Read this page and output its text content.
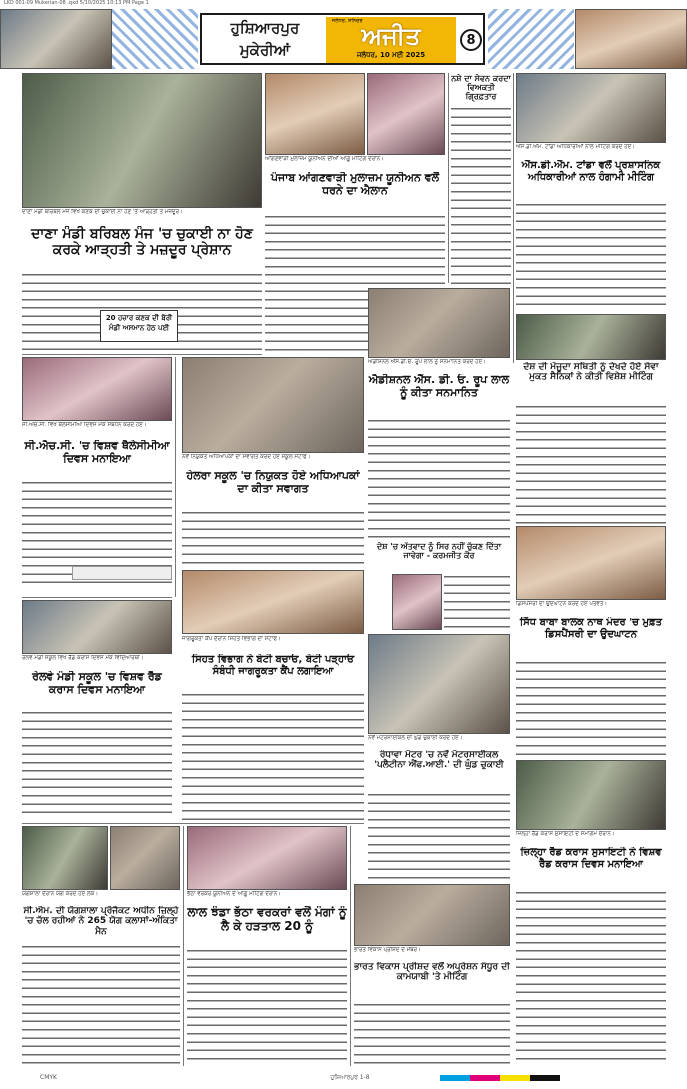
LKO 001-09 Mukerian-08 .qxd 5/10/2025 10:13 PM Page 1
ਹੁਸ਼ਿਆਰਪੁਰ ਮੁਕੇਰੀਆਂ
ਜਲੰਧਰ, ਸ਼ਨਿਚਰ
ਅਜੀਤ
ਜਲੰਧਰ, 10 ਮਈ 2025
8
ਦਾਣਾ ਮੰਡੀ ਬਰਿਬਲ ਮੰਜ ਵਿਖੇ ਕਣਕ ਦੀ ਚੁਕਾਈ ਨਾ ਹੋਣ 'ਤੇ ਆੜ੍ਹਤੀ ਤੇ ਮਜ਼ਦੂਰ।
ਦਾਣਾ ਮੰਡੀ ਬਰਿਬਲ ਮੰਜ 'ਚ ਚੁਕਾਈ ਨਾ ਹੋਣ ਕਰਕੇ ਆੜ੍ਹਤੀ ਤੇ ਮਜ਼ਦੂਰ ਪ੍ਰੇਸ਼ਾਨ
20 ਹਜ਼ਾਰ ਕਣਕ ਦੀ ਬੋਰੀ ਮੰਡੀ ਅਸਮਾਨ ਹੇਠ ਪਈ
ਸੀ.ਐਚ.ਸੀ. ਵਿਖੇ ਥੈਲੇਸੀਮੀਆ ਦਿਵਸ ਮੌਕੇ ਸੰਬੋਧਨ ਕਰਦੇ ਹੋਏ।
ਸੀ.ਐਚ.ਸੀ. 'ਚ ਵਿਸ਼ਵ ਥੈਲੇਸੀਮੀਆ ਦਿਵਸ ਮਨਾਇਆ	ਨਵੇਂ ਨਿਯੁਕਤ ਅਧਿਆਪਕਾਂ ਦਾ ਸਵਾਗਤ ਕਰਦੇ ਹੋਏ ਸਕੂਲ ਸਟਾਫ।
ਹੇਲਰਾ ਸਕੂਲ 'ਚ ਨਿਯੁਕਤ ਹੋਏ ਅਧਿਆਪਕਾਂ ਦਾ ਕੀਤਾ ਸਵਾਗਤ
ਜਾਗਰੂਕਤਾ ਕੈਂਪ ਦੌਰਾਨ ਸਿਹਤ ਵਿਭਾਗ ਦਾ ਸਟਾਫ।
ਰੇਲਵੇ ਮੰਡੀ ਸਕੂਲ ਵਿਖੇ ਰੈੱਡ ਕਰਾਸ ਦਿਵਸ ਮੌਕੇ ਵਿਦਿਆਰਥੀ।
ਰੇਲਵੇ ਮੰਡੀ ਸਕੂਲ 'ਚ ਵਿਸ਼ਵ ਰੈੱਡ ਕਰਾਸ ਦਿਵਸ ਮਨਾਇਆ
ਸਿਹਤ ਵਿਭਾਗ ਨੇ ਬੇਟੀ ਬਚਾਓ, ਬੇਟੀ ਪੜ੍ਹਾਓ ਸੰਬੰਧੀ ਜਾਗਰੂਕਤਾ ਕੈਂਪ ਲਗਾਇਆ
ਯੋਗਸ਼ਾਲਾ ਦੌਰਾਨ ਯੋਗ ਕਰਦੇ ਹੋਏ ਲੋਕ।
ਸੀ.ਐਮ. ਦੀ ਯੋਗਸ਼ਾਲਾ ਪ੍ਰੋਜੈਕਟ ਅਧੀਨ ਜ਼ਿਲ੍ਹੇ 'ਚ ਚੱਲ ਰਹੀਆਂ ਨੇ 265 ਯੋਗ ਕਲਾਸਾਂ-ਅੰਕਿਤਾ ਮੈਨ
ਭੱਠਾ ਵਰਕਰ ਯੂਨੀਅਨ ਦੇ ਆਗੂ ਮੀਟਿੰਗ ਦੌਰਾਨ।
ਲਾਲ ਝੰਡਾ ਭੱਠਾ ਵਰਕਰਾਂ ਵਲੋਂ ਮੰਗਾਂ ਨੂੰ ਲੈ ਕੇ ਹੜਤਾਲ 20 ਨੂੰ
ਆਂਗਣਵਾੜੀ ਮੁਲਾਜ਼ਮ ਯੂਨੀਅਨ ਦੀਆਂ ਆਗੂ ਮੀਟਿੰਗ ਦੌਰਾਨ।
ਪੰਜਾਬ ਆਂਗਣਵਾੜੀ ਮੁਲਾਜ਼ਮ ਯੂਨੀਅਨ ਵਲੋਂ ਧਰਨੇ ਦਾ ਐਲਾਨ
ਨਸ਼ੇ ਦਾ ਸੇਵਨ ਕਰਦਾ ਵਿਅਕਤੀ ਗ੍ਰਿਫ਼ਤਾਰ
ਐੱਸ.ਡੀ.ਐੱਮ. ਟਾਂਡਾ ਅਧਿਕਾਰੀਆਂ ਨਾਲ ਮੀਟਿੰਗ ਕਰਦੇ ਹੋਏ।
ਐੱਸ.ਡੀ.ਐੱਮ. ਟਾਂਡਾ ਵਲੋਂ ਪ੍ਰਸ਼ਾਸਨਿਕ ਅਧਿਕਾਰੀਆਂ ਨਾਲ ਹੰਗਾਮੀ ਮੀਟਿੰਗ
ਐਡੀਸ਼ਨਲ ਐੱਸ.ਡੀ.ਓ. ਰੂਪ ਲਾਲ ਨੂੰ ਸਨਮਾਨਿਤ ਕਰਦੇ ਹੋਏ।
ਐਡੀਸ਼ਨਲ ਐੱਸ. ਡੀ. ਓ. ਰੂਪ ਲਾਲ ਨੂੰ ਕੀਤਾ ਸਨਮਾਨਿਤ
ਦੇਸ਼ ਦੀ ਮੌਜੂਦਾ ਸਥਿਤੀ ਨੂੰ ਦੇਖਦੇ ਹੋਏ ਸੇਵਾ ਮੁਕਤ ਸੈਨਿਕਾਂ ਨੇ ਕੀਤੀ ਵਿਸ਼ੇਸ਼ ਮੀਟਿੰਗ
ਦੇਸ਼ 'ਚ ਅੱਤਵਾਦ ਨੂੰ ਸਿਰ ਨਹੀਂ ਚੁੱਕਣ ਦਿੱਤਾ ਜਾਵੇਗਾ - ਕਰਮਜੀਤ ਕੌਰ
ਡਿਸਪੈਂਸਰੀ ਦਾ ਉਦਘਾਟਨ ਕਰਦੇ ਹੋਏ ਪਤਵੰਤੇ।
ਸਿੱਧ ਬਾਬਾ ਬਾਲਕ ਨਾਥ ਮੰਦਰ 'ਚ ਮੁਫ਼ਤ ਡਿਸਪੈਂਸਰੀ ਦਾ ਉਦਘਾਟਨ
ਨਵੇਂ ਮੋਟਰਸਾਈਕਲ ਦੀ ਘੁੰਡ ਚੁਕਾਈ ਕਰਦੇ ਹੋਏ।
ਰੰਧਾਵਾ ਮੋਟਰ 'ਚ ਨਵੇਂ ਮੋਟਰਸਾਈਕਲ 'ਪਲੈਟੀਨਾ ਐਂਫ.ਆਈ.' ਦੀ ਘੁੰਡ ਚੁਕਾਈ
ਜ਼ਿਲ੍ਹਾ ਰੈੱਡ ਕਰਾਸ ਸੁਸਾਇਟੀ ਦੇ ਸਮਾਗਮ ਦੌਰਾਨ।
ਜ਼ਿਲ੍ਹਾ ਰੈੱਡ ਕਰਾਸ ਸੁਸਾਇਟੀ ਨੇ ਵਿਸ਼ਵ ਰੈੱਡ ਕਰਾਸ ਦਿਵਸ ਮਨਾਇਆ
ਭਾਰਤ ਵਿਕਾਸ ਪ੍ਰੀਸ਼ਦ ਦੇ ਮੈਂਬਰ।
ਭਾਰਤ ਵਿਕਾਸ ਪ੍ਰੀਸ਼ਦ ਵਲੋਂ ਅਪ੍ਰੇਸ਼ਨ ਸੰਧੂਰ ਦੀ ਕਾਮਯਾਬੀ 'ਤੇ ਮੀਟਿੰਗ
CMYK	ਹੁਸ਼ਿਆਰਪੁਰ 1-8
